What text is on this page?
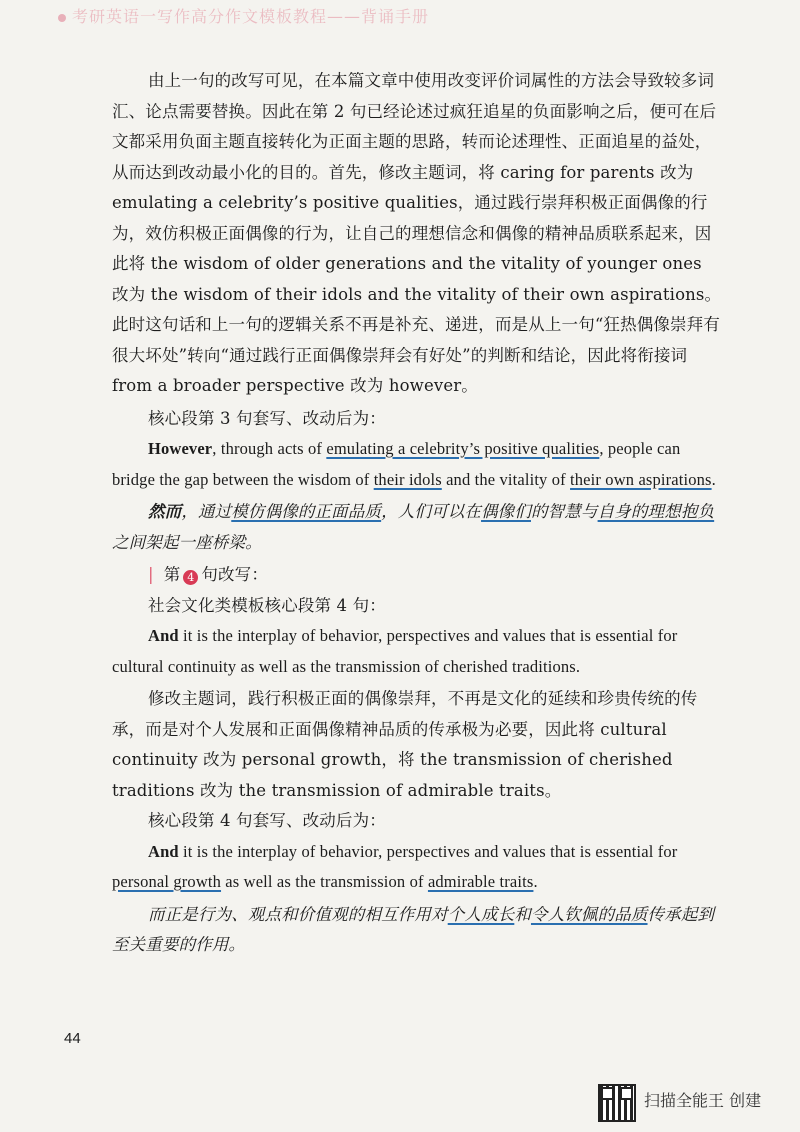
考研英语一写作高分作文模板教程——背诵手册

由上一句的改写可见，在本篇文章中使用改变评价词属性的方法会导致较多词汇、论点需要替换。因此在第 2 句已经论述过疯狂追星的负面影响之后，便可在后文都采用负面主题直接转化为正面主题的思路，转而论述理性、正面追星的益处，从而达到改动最小化的目的。首先，修改主题词，将 caring for parents 改为 emulating a celebrity’s positive qualities，通过践行崇拜积极正面偶像的行为，效仿积极正面偶像的行为，让自己的理想信念和偶像的精神品质联系起来，因此将 the wisdom of older generations and the vitality of younger ones 改为 the wisdom of their idols and the vitality of their own aspirations。此时这句话和上一句的逻辑关系不再是补充、递进，而是从上一句“狂热偶像崇拜有很大坏处”转向“通过践行正面偶像崇拜会有好处”的判断和结论，因此将衔接词 from a broader perspective 改为 however。

核心段第 3 句套写、改动后为：

However, through acts of emulating a celebrity’s positive qualities, people can bridge the gap between the wisdom of their idols and the vitality of their own aspirations.

然而，通过模仿偶像的正面品质，人们可以在偶像们的智慧与自身的理想抱负之间架起一座桥梁。

| 第 4 句改写：

社会文化类模板核心段第 4 句：

And it is the interplay of behavior, perspectives and values that is essential for cultural continuity as well as the transmission of cherished traditions.

修改主题词，践行积极正面的偶像崇拜，不再是文化的延续和珍贵传统的传承，而是对个人发展和正面偶像精神品质的传承极为必要，因此将 cultural continuity 改为 personal growth，将 the transmission of cherished traditions 改为 the transmission of admirable traits。

核心段第 4 句套写、改动后为：

And it is the interplay of behavior, perspectives and values that is essential for personal growth as well as the transmission of admirable traits.

而正是行为、观点和价值观的相互作用对个人成长和令人钦佩的品质传承起到至关重要的作用。

44
扫描全能王 创建
